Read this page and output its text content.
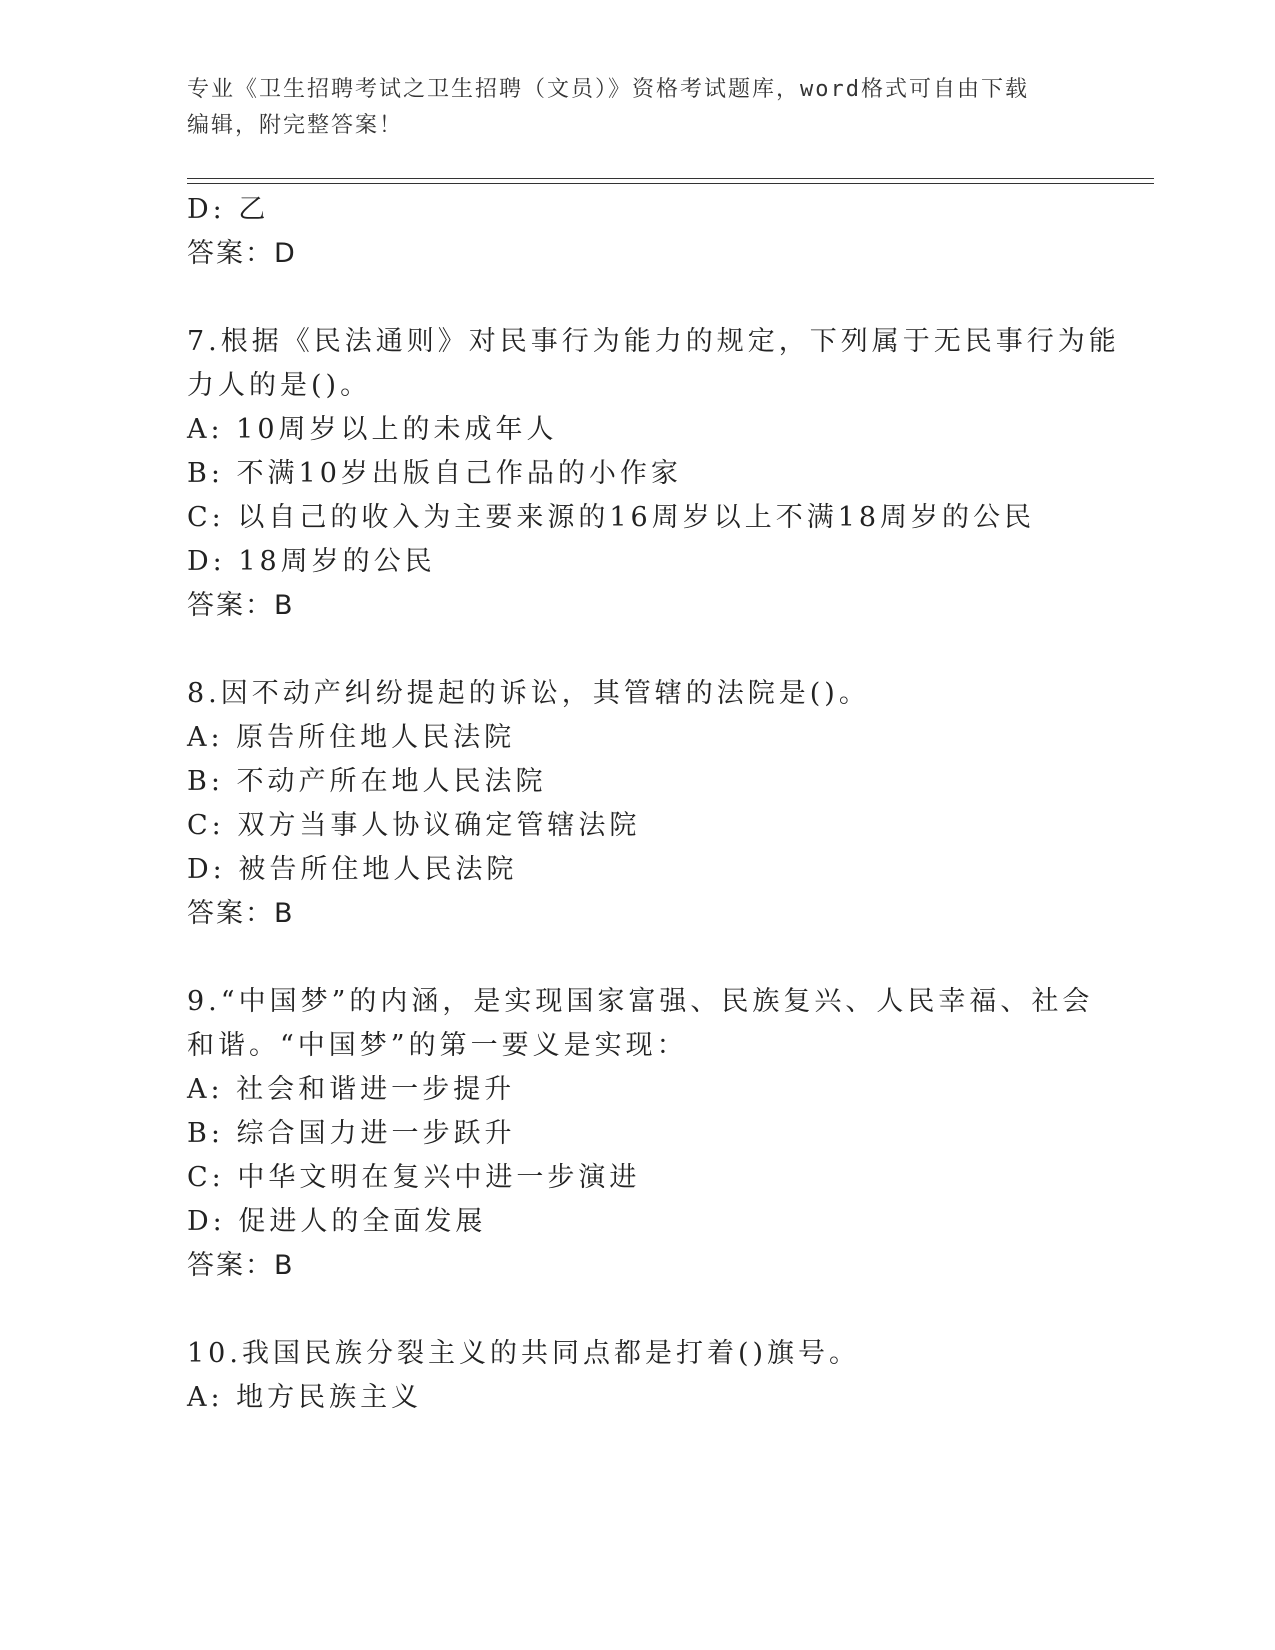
专业《卫生招聘考试之卫生招聘（文员）》资格考试题库，word格式可自由下载
编辑，附完整答案！
D: 乙
答案：D
7.根据《民法通则》对民事行为能力的规定，下列属于无民事行为能
力人的是()。
A: 10周岁以上的未成年人
B: 不满10岁出版自己作品的小作家
C: 以自己的收入为主要来源的16周岁以上不满18周岁的公民
D: 18周岁的公民
答案：B
8.因不动产纠纷提起的诉讼，其管辖的法院是()。
A: 原告所住地人民法院
B: 不动产所在地人民法院
C: 双方当事人协议确定管辖法院
D: 被告所住地人民法院
答案：B
9.“中国梦”的内涵，是实现国家富强、民族复兴、人民幸福、社会
和谐。“中国梦”的第一要义是实现：
A: 社会和谐进一步提升
B: 综合国力进一步跃升
C: 中华文明在复兴中进一步演进
D: 促进人的全面发展
答案：B
10.我国民族分裂主义的共同点都是打着()旗号。
A: 地方民族主义
